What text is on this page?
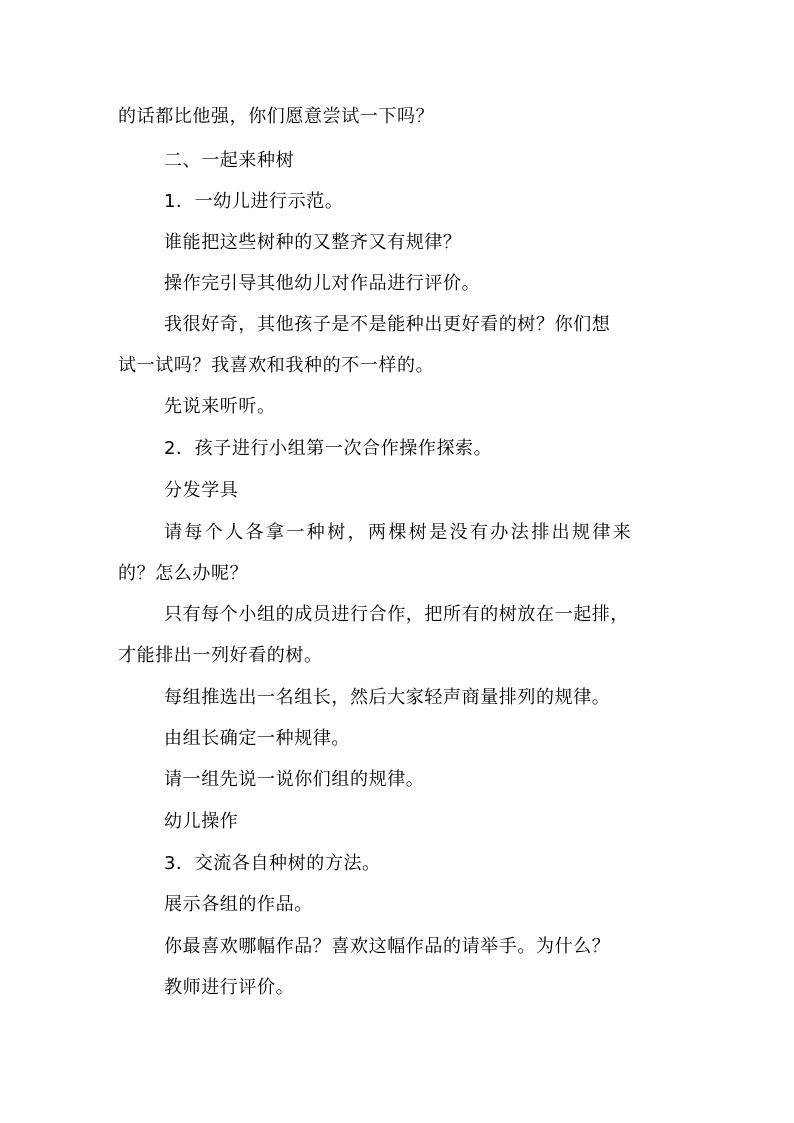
的话都比他强，你们愿意尝试一下吗？
二、一起来种树
1．一幼儿进行示范。
谁能把这些树种的又整齐又有规律？
操作完引导其他幼儿对作品进行评价。
我很好奇，其他孩子是不是能种出更好看的树？你们想
试一试吗？我喜欢和我种的不一样的。
先说来听听。
2．孩子进行小组第一次合作操作探索。
分发学具
请每个人各拿一种树，两棵树是没有办法排出规律来
的？怎么办呢？
只有每个小组的成员进行合作，把所有的树放在一起排，
才能排出一列好看的树。
每组推选出一名组长，然后大家轻声商量排列的规律。
由组长确定一种规律。
请一组先说一说你们组的规律。
幼儿操作
3．交流各自种树的方法。
展示各组的作品。
你最喜欢哪幅作品？喜欢这幅作品的请举手。为什么？
教师进行评价。
